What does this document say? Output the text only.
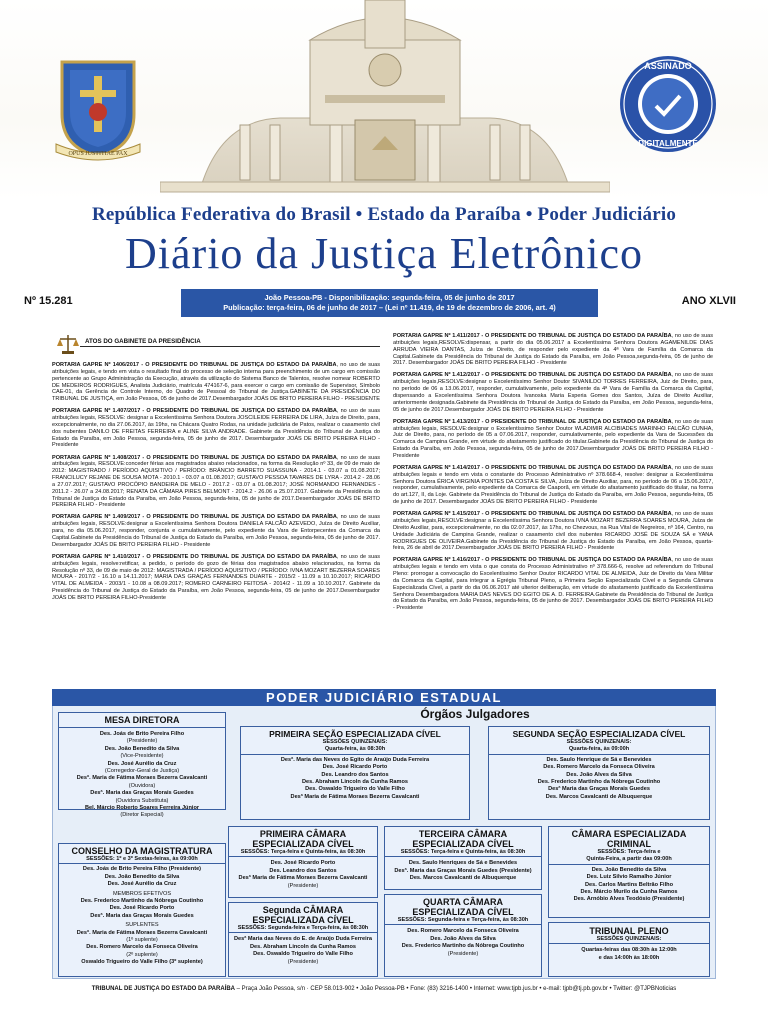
OPUS JUSTITIAE PAX
ASSINADO
DIGITALMENTE
República Federativa do Brasil • Estado da Paraíba • Poder Judiciário
Diário da Justiça Eletrônico
Nº 15.281	João Pessoa-PB - Disponibilização: segunda-feira, 05 de junho de 2017
Publicação: terça-feira, 06 de junho de 2017 – (Lei nº 11.419, de 19 de dezembro de 2006, art. 4)	ANO XLVII
ATOS DO GABINETE DA PRESIDÊNCIA

PORTARIA GAPRE Nº 1406/2017 - O PRESIDENTE DO TRIBUNAL DE JUSTIÇA DO ESTADO DA PARAÍBA, no uso de suas atribuições legais, e tendo em vista o resultado final do processo de seleção interna para preenchimento de um cargo em comissão pertencente ao Grupo Administração da Execução, através da utilização do Sistema Banco de Talentos, resolve nomear ROBERTO DE MEDEIROS RODRIGUES, Analista Judiciário, matrícula 474167-6, para exercer o cargo em comissão de Supervisor, Símbolo CAE-01, da Gerência de Controle Interno, do Quadro de Pessoal do Tribunal de Justiça.GABINETE DA PRESIDÊNCIA DO TRIBUNAL DE JUSTIÇA, em João Pessoa, 05 de junho de 2017.Desembargador JOÁS DE BRITO PEREIRA FILHO - PRESIDENTE

PORTARIA GAPRE Nº 1.407/2017 - O PRESIDENTE DO TRIBUNAL DE JUSTIÇA DO ESTADO DA PARAÍBA, no uso de suas atribuições legais, RESOLVE: designar a Excelentíssima Senhora Doutora JOSCILEIDE FERREIRA DE LIRA, Juíza de Direito, para, excepcionalmente, no dia 27.06.2017, às 19hs, na Chácara Quatro Rodas, na unidade judiciária de Patos, realizar o casamento civil dos nubentes DANILO DE FREITAS FERREIRA e ALINE SILVA ANDRADE. Gabinete da Presidência do Tribunal de Justiça do Estado da Paraíba, em João Pessoa, segunda-feira, 05 de junho de 2017. Desembargador JOÁS DE BRITO PEREIRA FILHO - Presidente

PORTARIA GAPRE Nº 1.408/2017 - O PRESIDENTE DO TRIBUNAL DE JUSTIÇA DO ESTADO DA PARAÍBA, no uso de suas atribuições legais, RESOLVE:conceder férias aos magistrados abaixo relacionados, na forma da Resolução nº 33, de 09 de maio de 2012: MAGISTRADO / PERÍODO AQUISITIVO / PERÍODO: BRÁNCIO BARRETO SUASSUNA - 2014.1 - 03.07 a 01.08.2017; FRANCILUCY REJANE DE SOUSA MOTA - 2010.1 - 03.07 a 01.08.2017; GUSTAVO PESSOA TAVARES DE LYRA - 2014.2 - 28.06 a 27.07.2017; GUSTAVO PROCÓPIO BANDEIRA DE MELO - 2017.2 - 03.07 a 01.08.2017; JOSÉ NORMANDO FERNANDES - 2011.2 - 26.07 a 24.08.2017; RENATA DA CÂMARA PIRES BELMONT - 2014.2 - 26.06 a 25.07.2017. Gabinete da Presidência do Tribunal de Justiça do Estado da Paraíba, em João Pessoa, segunda-feira, 05 de junho de 2017.Desembargador JOÁS DE BRITO PEREIRA FILHO - Presidente

PORTARIA GAPRE Nº 1.409/2017 - O PRESIDENTE DO TRIBUNAL DE JUSTIÇA DO ESTADO DA PARAÍBA, no uso de suas atribuições legais, RESOLVE:designar a Excelentíssima Senhora Doutora DANIELA FALCÃO AZEVEDO, Juíza de Direito Auxiliar, para, no dia 05.06.2017, responder, conjunta e cumulativamente, pelo expediente da Vara de Entorpecentes da Comarca da Capital.Gabinete da Presidência do Tribunal de Justiça do Estado da Paraíba, em João Pessoa, segunda-feira, 05 de junho de 2017. Desembargador JOÁS DE BRITO PEREIRA FILHO - Presidente

PORTARIA GAPRE Nº 1.410/2017 - O PRESIDENTE DO TRIBUNAL DE JUSTIÇA DO ESTADO DA PARAÍBA, no uso de suas atribuições legais, resolve:retificar, a pedido, o período do gozo de férias dos magistrados abaixo relacionados, na forma da Resolução nº 33, de 09 de maio de 2012: MAGISTRADA / PERÍODO AQUISITIVO / PERÍODO: IVNA MOZART BEZERRA SOARES MOURA - 2017/2 - 16.10 a 14.11.2017; MARIA DAS GRAÇAS FERNANDES DUARTE - 2015/2 - 11.09 a 10.10.2017; RICARDO VITAL DE ALMEIDA - 2003/1 - 10.08 a 08.09.2017; ROMERO CARNEIRO FEITOSA - 2014/2 - 11.09 a 10.10.2017. Gabinete da Presidência do Tribunal de Justiça do Estado da Paraíba, em João Pessoa, segunda-feira, 05 de junho de 2017.Desembargador JOÁS DE BRITO PEREIRA FILHO-Presidente

PORTARIA GAPRE Nº 1.411/2017 - O PRESIDENTE DO TRIBUNAL DE JUSTIÇA DO ESTADO DA PARAÍBA, no uso de suas atribuições legais,RESOLVE:dispensar, a partir do dia 05.06.2017 a Excelentíssima Senhora Doutora AGAMENILDE DIAS ARRUDA VIEIRA DANTAS, Juíza de Direito, de responder pelo expediente da 4ª Vara de Família da Comarca da Capital.Gabinete da Presidência do Tribunal de Justiça do Estado da Paraíba, em João Pessoa,segunda-feira, 05 de junho de 2017. Desembargador JOÁS DE BRITO PEREIRA FILHO - Presidente

PORTARIA GAPRE Nº 1.412/2017 - O PRESIDENTE DO TRIBUNAL DE JUSTIÇA DO ESTADO DA PARAÍBA, no uso de suas atribuições legais,RESOLVE:designar o Excelentíssimo Senhor Doutor SIVANILDO TORRES FERREIRA, Juiz de Direito, para, no período de 06 a 13.06.2017, responder, cumulativamente, pelo expediente da 4ª Vara de Família da Comarca da Capital, dispensando a Excelentíssima Senhora Doutora Ivanoska Maria Esperia Gomes dos Santos, Juíza de Direito Auxiliar, anteriormente designada.Gabinete da Presidência do Tribunal de Justiça do Estado da Paraíba, em João Pessoa, segunda-feira, 05 de junho de 2017.Desembargador JOÁS DE BRITO PEREIRA FILHO - Presidente

PORTARIA GAPRE Nº 1.413/2017 - O PRESIDENTE DO TRIBUNAL DE JUSTIÇA DO ESTADO DA PARAÍBA, no uso de suas atribuições legais, RESOLVE:designar o Excelentíssimo Senhor Doutor WLADIMIR ALCIBIADES MARINHO FALCÃO CUNHA, Juiz de Direito, para, no período de 05 a 07.06.2017, responder, cumulativamente, pelo expediente da Vara de Sucessões da Comarca de Campina Grande, em virtude do afastamento justificado do titular.Gabinete da Presidência do Tribunal de Justiça do Estado da Paraíba, em João Pessoa, segunda-feira, 05 de junho de 2017.Desembargador JOÁS DE BRITO PEREIRA FILHO - Presidente

PORTARIA GAPRE Nº 1.414/2017 - O PRESIDENTE DO TRIBUNAL DE JUSTIÇA DO ESTADO DA PARAÍBA, no uso de suas atribuições legais e tendo em vista o constante do Processo Administrativo nº 378.668-4, resolve: designar a Excelentíssima Senhora Doutora ÉRICA VIRGINIA PONTES DA COSTA E SILVA, Juíza de Direito Auxiliar, para, no período de 06 a 15.06.2017, responder, cumulativamente, pelo expediente da Comarca de Caaporã, em virtude do afastamento justificado do titular, na forma do art.127, II, da Loje. Gabinete da Presidência do Tribunal de Justiça do Estado da Paraíba, em João Pessoa, segunda-feira, 05 de junho de 2017. Desembargador JOÁS DE BRITO PEREIRA FILHO - Presidente

PORTARIA GAPRE Nº 1.415/2017 - O PRESIDENTE DO TRIBUNAL DE JUSTIÇA DO ESTADO DA PARAÍBA, no uso de suas atribuições legais,RESOLVE:designar a Excelentíssima Senhora Doutora IVNA MOZART BEZERRA SOARES MOURA, Juíza de Direito Auxiliar, para, excepcionalmente, no dia 02.07.2017, às 17hs, no Chezvous, na Rua Vital de Negreiros, nº 164, Centro, na Unidade Judiciária de Campina Grande, realizar o casamento civil dos nubentes RICARDO JOSÉ DE SOUZA SÁ e YANA RODRIGUES DE OLIVEIRA.Gabinete da Presidência do Tribunal de Justiça do Estado da Paraíba, em João Pessoa, quarta-feira, 26 de abril de 2017.Desembargador JOÁS DE BRITO PEREIRA FILHO - Presidente

PORTARIA GAPRE Nº 1.416/2017 - O PRESIDENTE DO TRIBUNAL DE JUSTIÇA DO ESTADO DA PARAÍBA, no uso de suas atribuições legais e tendo em vista o que consta do Processo Administrativo nº 378.666-6, resolve ad referendum do Tribunal Pleno: prorrogar a convocação do Excelentíssimo Senhor Doutor RICARDO VITAL DE ALMEIDA, Juiz de Direito da Vara Militar da Comarca da Capital, para integrar a Egrégia Tribunal Pleno, a Primeira Seção Especializada Cível e a Segunda Câmara Especializada Cível, a partir do dia 06.06.2017 até ulterior deliberação, em virtude do afastamento justificado da Excelentíssima Senhora Desembargadora MARIA DAS NEVES DO EGITO DE A. D. FERREIRA.Gabinete da Presidência do Tribunal de Justiça do Estado da Paraíba, em João Pessoa, segunda-feira, 05 de junho de 2017. Desembargador JOÁS DE BRITO PEREIRA FILHO - Presidente

PODER JUDICIÁRIO ESTADUAL
MESA DIRETORA
Des. Joás de Brito Pereira Filho
(Presidente)
Des. João Benedito da Silva
(Vice-Presidente)
Des. José Aurélio da Cruz
(Corregedor-Geral de Justiça)
Desª. Maria de Fátima Moraes Bezerra Cavalcanti
(Ouvidora)
Desª. Maria das Graças Morais Guedes
(Ouvidora Substituta)
Bel. Márcio Roberto Soares Ferreira Júnior
(Diretor Especial)
CONSELHO DA MAGISTRATURA
SESSÕES: 1º e 3º Sextas-feiras, às 09:00h
Des. Joás de Brito Pereira Filho (Presidente)
Des. João Benedito da Silva
Des. José Aurélio da Cruz
MEMBROS EFETIVOS
Des. Frederico Martinho da Nóbrega Coutinho
Des. José Ricardo Porto
Desª. Maria das Graças Morais Guedes
SUPLENTES
Desª. Maria de Fátima Moraes Bezerra Cavalcanti
(1º suplente)
Des. Romero Marcelo da Fonseca Oliveira
(2º suplente)
Oswaldo Trigueiro do Valle Filho (3º suplente)
Órgãos Julgadores
PRIMEIRA SEÇÃO ESPECIALIZADA CÍVEL
SESSÕES QUINZENAIS:
Quarta-feira, às 08:30h
Desª. Maria das Neves do Egito de Araújo Duda Ferreira
Des. José Ricardo Porto
Des. Leandro dos Santos
Des. Abraham Lincoln da Cunha Ramos
Des. Oswaldo Trigueiro do Valle Filho
Desª Maria de Fátima Moraes Bezerra Cavalcanti
SEGUNDA SEÇÃO ESPECIALIZADA CÍVEL
SESSÕES QUINZENAIS:
Quarta-feira, às 09:00h
Des. Saulo Henrique de Sá e Benevides
Des. Romero Marcelo da Fonseca Oliveira
Des. João Alves da Silva
Des. Frederico Martinho da Nóbrega Coutinho
Desª Maria das Graças Morais Guedes
Des. Marcos Cavalcanti de Albuquerque
PRIMEIRA CÂMARA
ESPECIALIZADA CÍVEL
SESSÕES: Terça-feira e Quinta-feira, às 08:30h
Des. José Ricardo Porto
Des. Leandro dos Santos
Desª Maria de Fátima Moraes Bezerra Cavalcanti
(Presidente)
Segunda CÂMARA
ESPECIALIZADA CÍVEL
SESSÕES: Segunda-feira e Terça-feira, às 08:30h
Desª Maria das Neves do E. de Araújo Duda Ferreira
Des. Abraham Lincoln da Cunha Ramos
Des. Oswaldo Trigueiro do Valle Filho
(Presidente)
TERCEIRA CÂMARA
ESPECIALIZADA CÍVEL
SESSÕES: Terça-feira e Quinta-feira, às 08:30h
Des. Saulo Henriques de Sá e Benevides
Desª. Maria das Graças Morais Guedes (Presidente)
Des. Marcos Cavalcanti de Albuquerque
QUARTA CÂMARA
ESPECIALIZADA CÍVEL
SESSÕES: Segunda-feira e Terça-feira, às 08:30h
Des. Romero Marcelo da Fonseca Oliveira
Des. João Alves da Silva
Des. Frederico Martinho da Nóbrega Coutinho
(Presidente)
CÂMARA ESPECIALIZADA
CRIMINAL
SESSÕES: Terça-feira e
Quinta-Feira, a partir das 09:00h
Des. João Benedito da Silva
Des. Luiz Silvio Ramalho Júnior
Des. Carlos Martins Beltrão Filho
Des. Márcio Murilo da Cunha Ramos
Des. Arnóbio Alves Teodósio (Presidente)
TRIBUNAL PLENO
SESSÕES QUINZENAIS:
Quartas-feiras das 08:30h às 12:00h
e das 14:00h às 18:00h
TRIBUNAL DE JUSTIÇA DO ESTADO DA PARAÍBA – Praça João Pessoa, s/n · CEP 58.013-902 • João Pessoa-PB • Fone: (83) 3216-1400 • Internet: www.tjpb.jus.br • e-mail: tjpb@tj.pb.gov.br • Twitter: @TJPBNoticias
